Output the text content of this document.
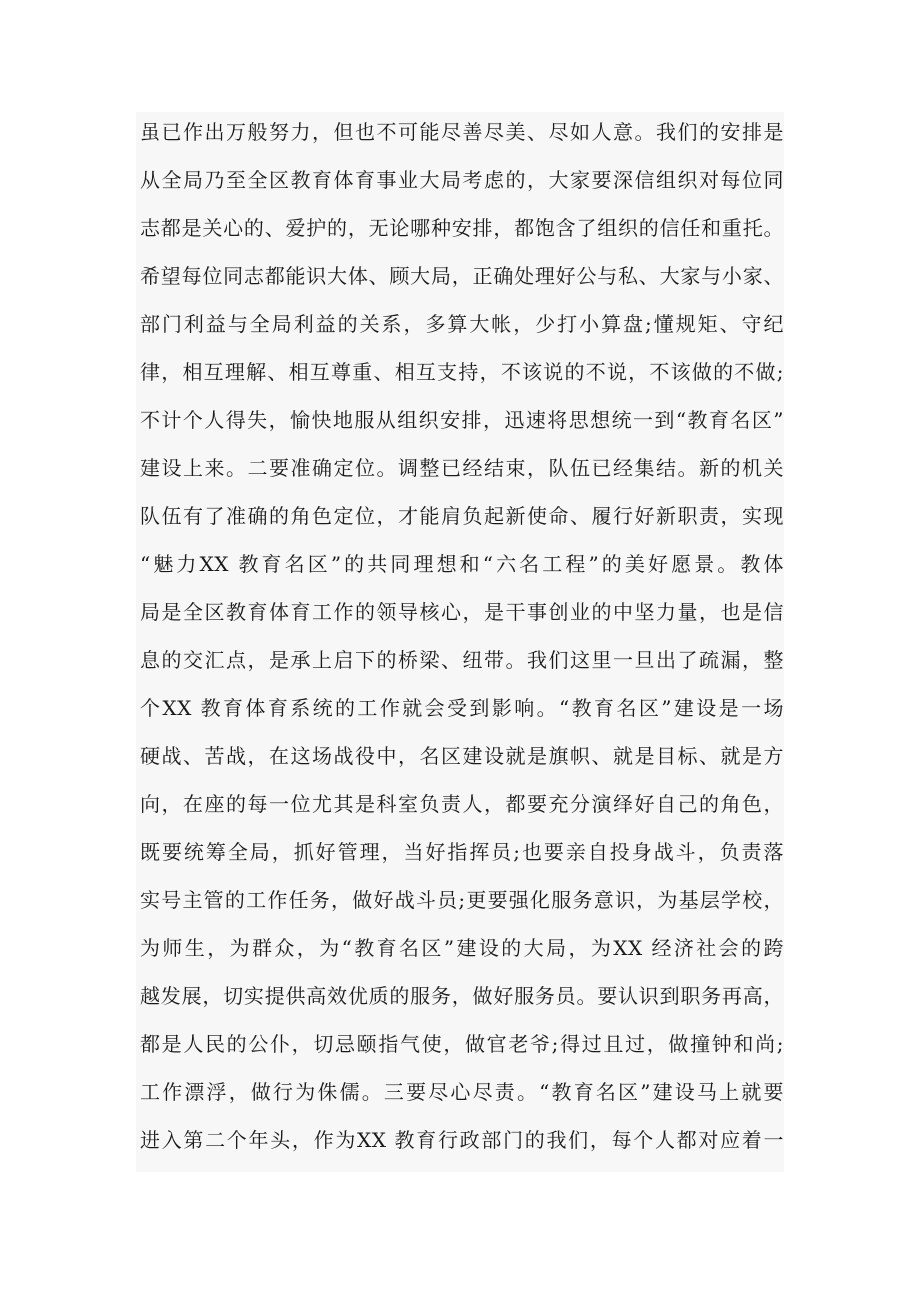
虽已作出万般努力，但也不可能尽善尽美、尽如人意。我们的安排是
从全局乃至全区教育体育事业大局考虑的，大家要深信组织对每位同
志都是关心的、爱护的，无论哪种安排，都饱含了组织的信任和重托。
希望每位同志都能识大体、顾大局，正确处理好公与私、大家与小家、
部门利益与全局利益的关系，多算大帐，少打小算盘;懂规矩、守纪
律，相互理解、相互尊重、相互支持，不该说的不说，不该做的不做;
不计个人得失，愉快地服从组织安排，迅速将思想统一到“教育名区”
建设上来。二要准确定位。调整已经结束，队伍已经集结。新的机关
队伍有了准确的角色定位，才能肩负起新使命、履行好新职责，实现
“魅力XX 教育名区”的共同理想和“六名工程”的美好愿景。教体
局是全区教育体育工作的领导核心，是干事创业的中坚力量，也是信
息的交汇点，是承上启下的桥梁、纽带。我们这里一旦出了疏漏，整
个XX 教育体育系统的工作就会受到影响。“教育名区”建设是一场
硬战、苦战，在这场战役中，名区建设就是旗帜、就是目标、就是方
向，在座的每一位尤其是科室负责人，都要充分演绎好自己的角色，
既要统筹全局，抓好管理，当好指挥员;也要亲自投身战斗，负责落
实号主管的工作任务，做好战斗员;更要强化服务意识，为基层学校，
为师生，为群众，为“教育名区”建设的大局，为XX 经济社会的跨
越发展，切实提供高效优质的服务，做好服务员。要认识到职务再高，
都是人民的公仆，切忌颐指气使，做官老爷;得过且过，做撞钟和尚;
工作漂浮，做行为侏儒。三要尽心尽责。“教育名区”建设马上就要
进入第二个年头，作为XX 教育行政部门的我们，每个人都对应着一
